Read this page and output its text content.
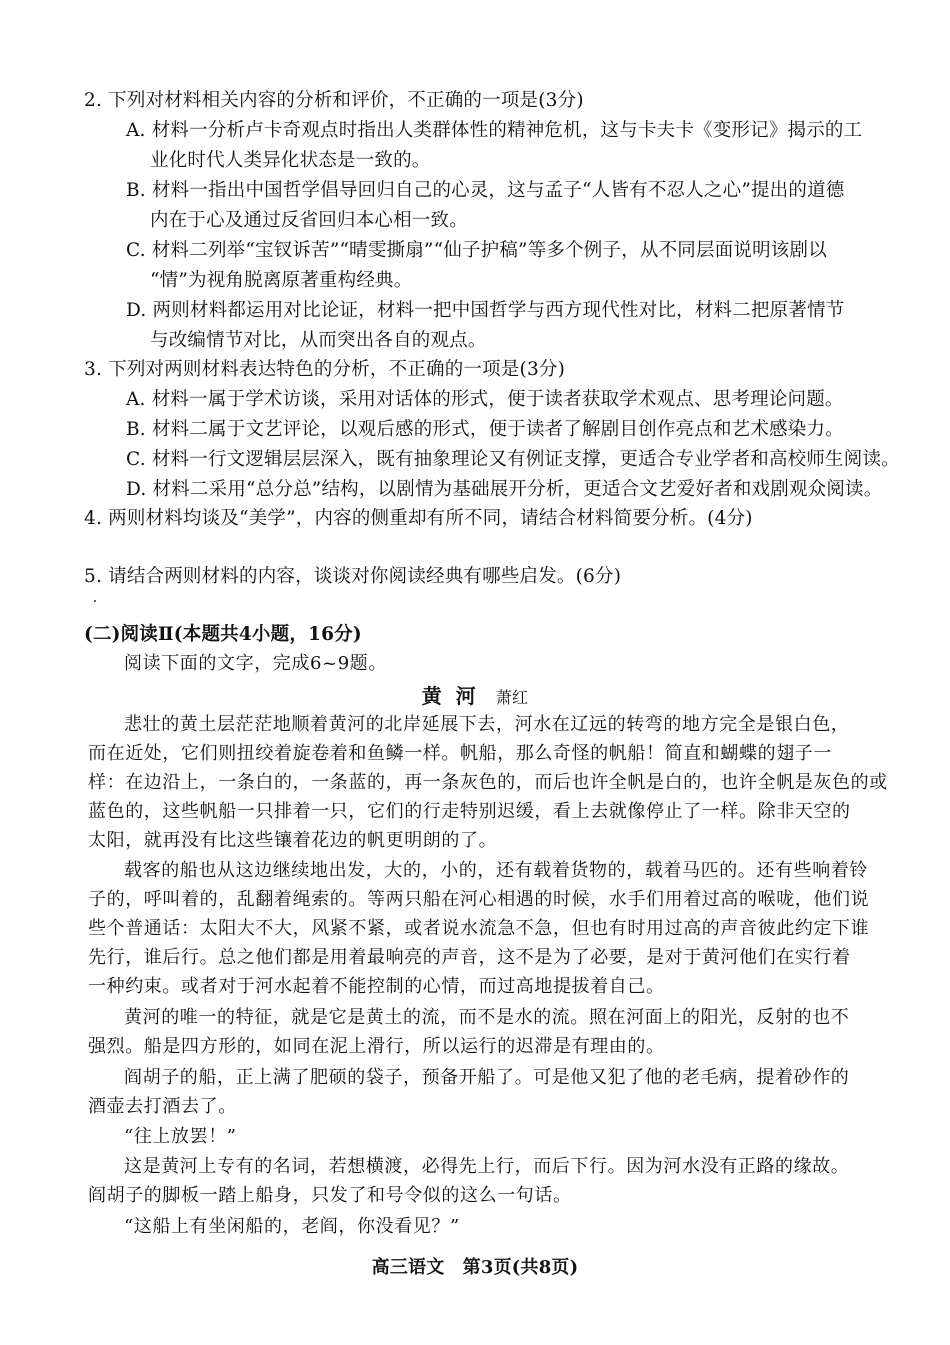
2. 下列对材料相关内容的分析和评价，不正确的一项是(3分)
A. 材料一分析卢卡奇观点时指出人类群体性的精神危机，这与卡夫卡《变形记》揭示的工
业化时代人类异化状态是一致的。
B. 材料一指出中国哲学倡导回归自己的心灵，这与孟子“人皆有不忍人之心”提出的道德
内在于心及通过反省回归本心相一致。
C. 材料二列举“宝钗诉苦”“晴雯撕扇”“仙子护稿”等多个例子，从不同层面说明该剧以
“情”为视角脱离原著重构经典。
D. 两则材料都运用对比论证，材料一把中国哲学与西方现代性对比，材料二把原著情节
与改编情节对比，从而突出各自的观点。
3. 下列对两则材料表达特色的分析，不正确的一项是(3分)
A. 材料一属于学术访谈，采用对话体的形式，便于读者获取学术观点、思考理论问题。
B. 材料二属于文艺评论，以观后感的形式，便于读者了解剧目创作亮点和艺术感染力。
C. 材料一行文逻辑层层深入，既有抽象理论又有例证支撑，更适合专业学者和高校师生阅读。
D. 材料二采用“总分总”结构，以剧情为基础展开分析，更适合文艺爱好者和戏剧观众阅读。
4. 两则材料均谈及“美学”，内容的侧重却有所不同，请结合材料简要分析。(4分)
5. 请结合两则材料的内容，谈谈对你阅读经典有哪些启发。(6分)
(二)阅读Ⅱ(本题共4小题，16分)
阅读下面的文字，完成6~9题。
黄河 萧红
悲壮的黄土层茫茫地顺着黄河的北岸延展下去，河水在辽远的转弯的地方完全是银白色，
而在近处，它们则扭绞着旋卷着和鱼鳞一样。帆船，那么奇怪的帆船！简直和蝴蝶的翅子一
样：在边沿上，一条白的，一条蓝的，再一条灰色的，而后也许全帆是白的，也许全帆是灰色的或
蓝色的，这些帆船一只排着一只，它们的行走特别迟缓，看上去就像停止了一样。除非天空的
太阳，就再没有比这些镶着花边的帆更明朗的了。
载客的船也从这边继续地出发，大的，小的，还有载着货物的，载着马匹的。还有些响着铃
子的，呼叫着的，乱翻着绳索的。等两只船在河心相遇的时候，水手们用着过高的喉咙，他们说
些个普通话：太阳大不大，风紧不紧，或者说水流急不急，但也有时用过高的声音彼此约定下谁
先行，谁后行。总之他们都是用着最响亮的声音，这不是为了必要，是对于黄河他们在实行着
一种约束。或者对于河水起着不能控制的心情，而过高地提拔着自己。
黄河的唯一的特征，就是它是黄土的流，而不是水的流。照在河面上的阳光，反射的也不
强烈。船是四方形的，如同在泥上滑行，所以运行的迟滞是有理由的。
阎胡子的船，正上满了肥硕的袋子，预备开船了。可是他又犯了他的老毛病，提着砂作的
酒壶去打酒去了。
“往上放罢！”
这是黄河上专有的名词，若想横渡，必得先上行，而后下行。因为河水没有正路的缘故。
阎胡子的脚板一踏上船身，只发了和号令似的这么一句话。
“这船上有坐闲船的，老阎，你没看见？”
高三语文　第3页(共8页)
